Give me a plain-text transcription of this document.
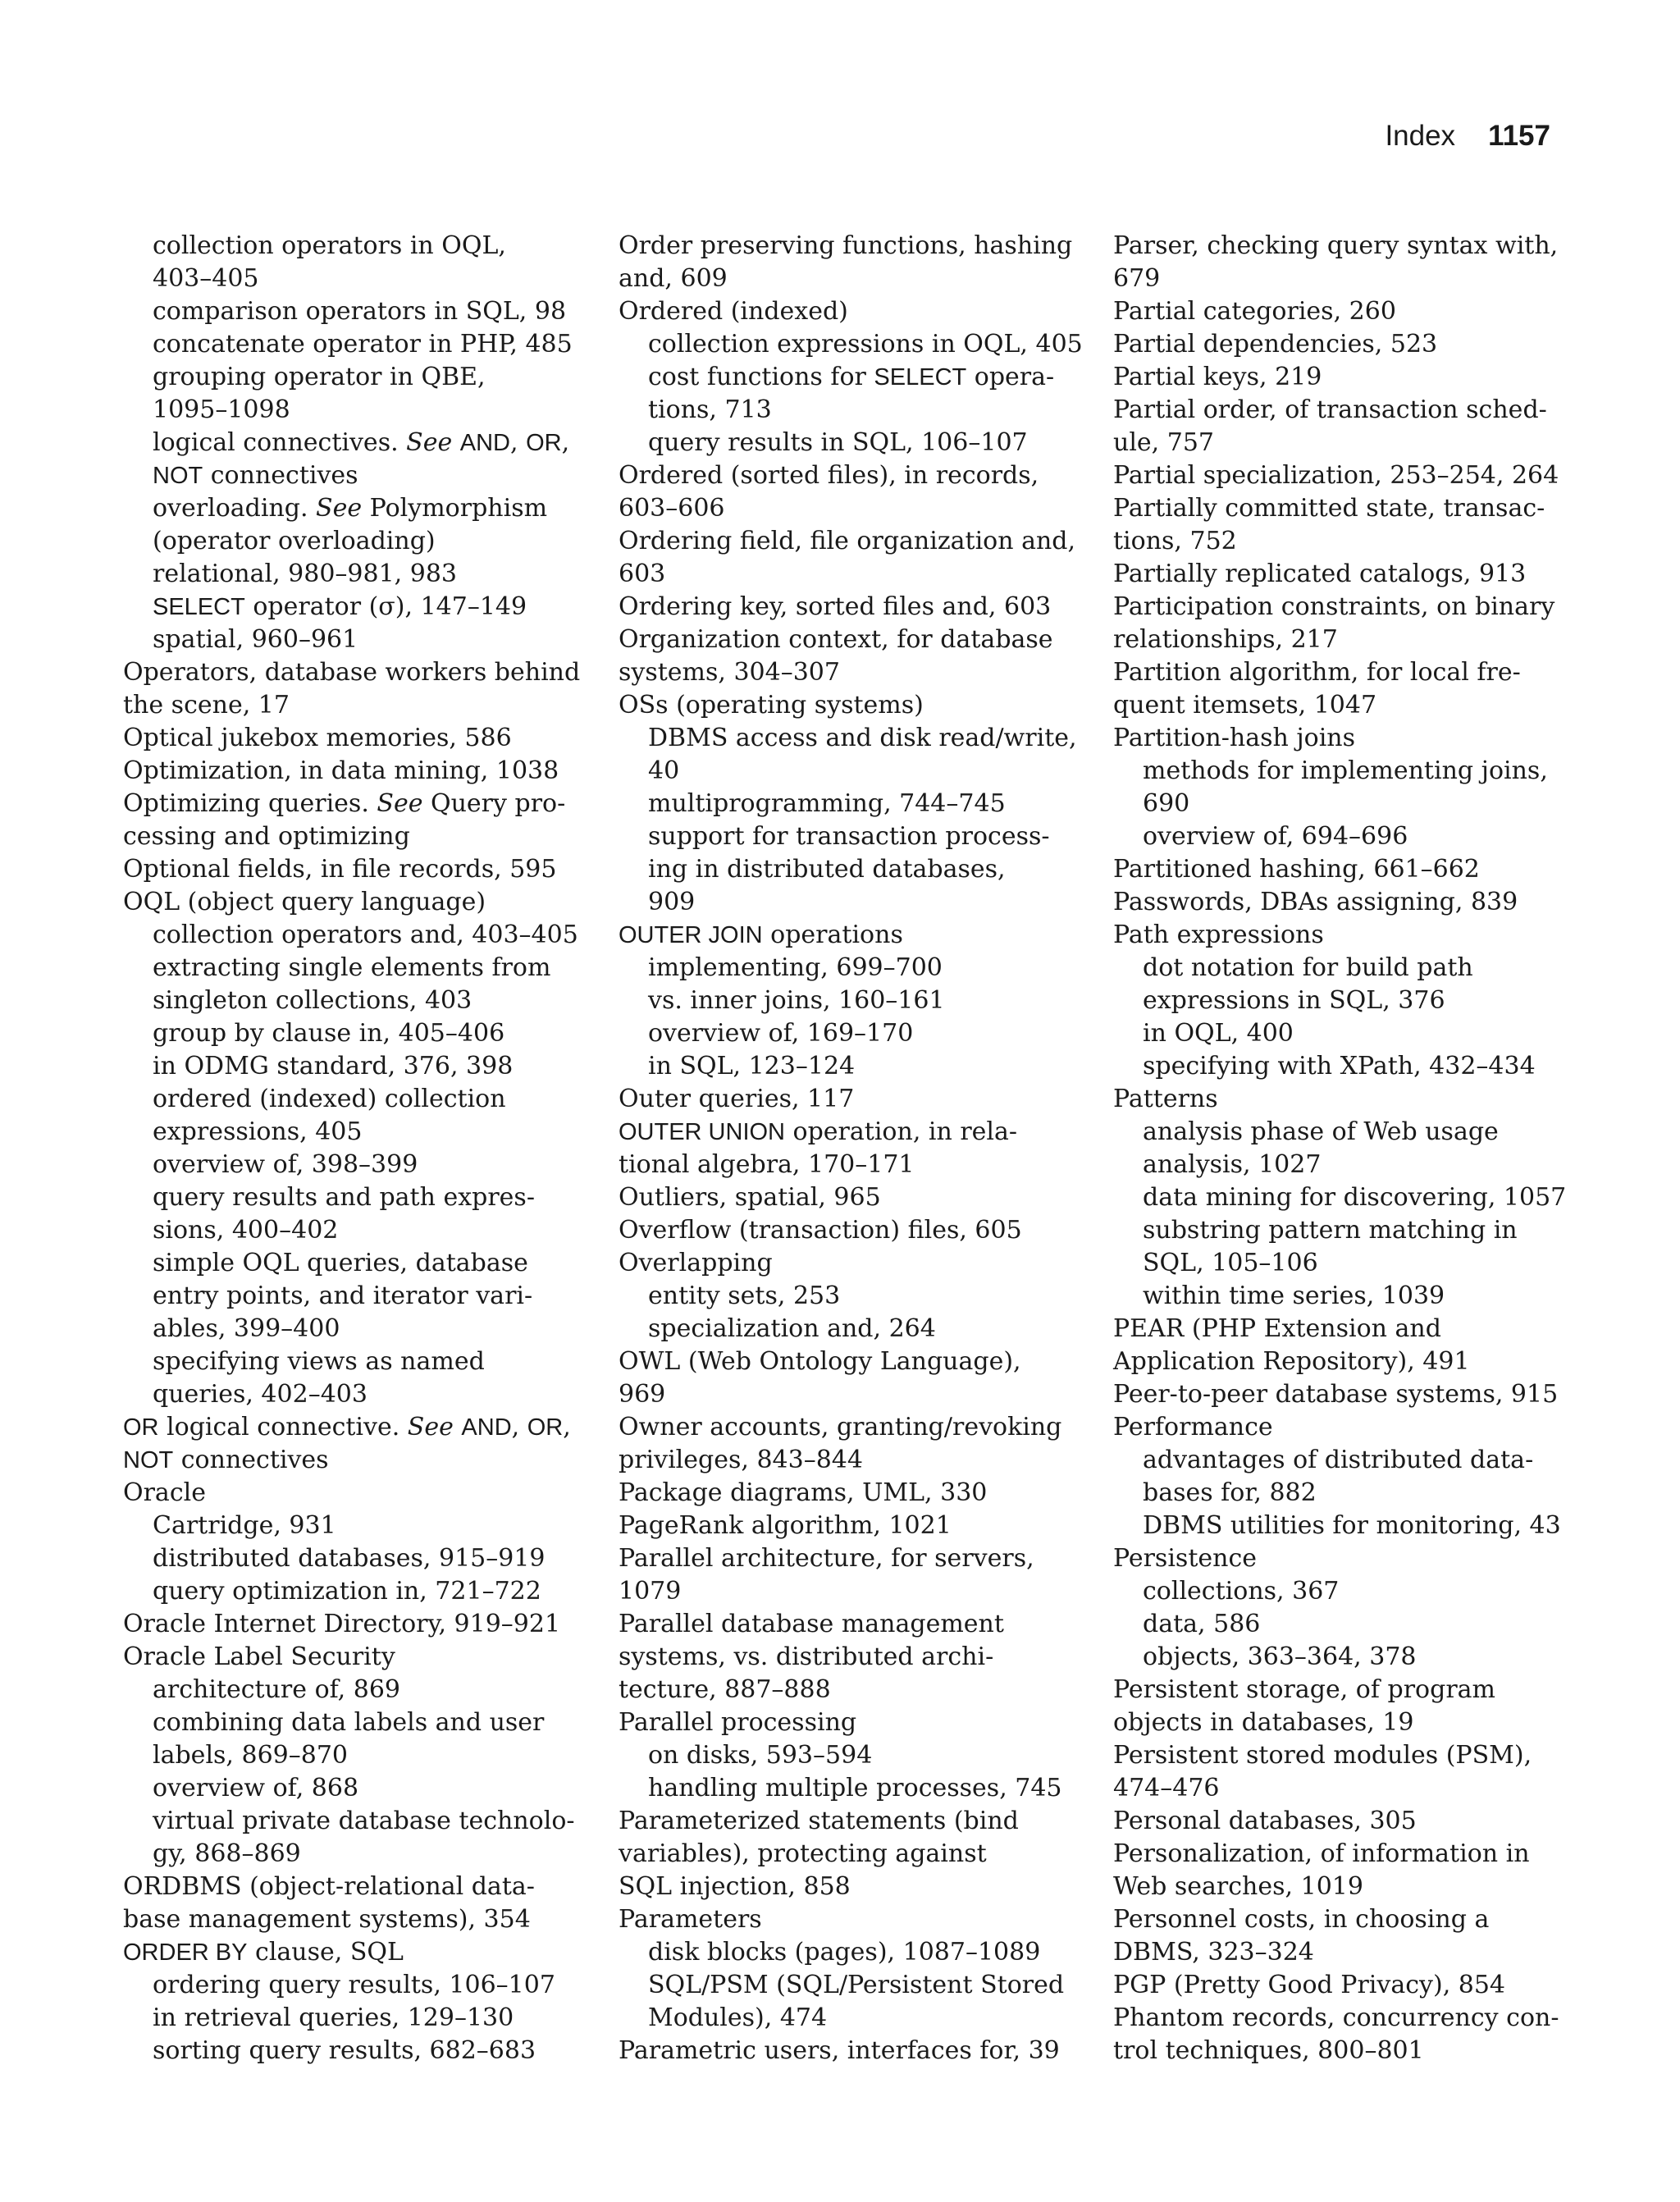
Index 1157
collection operators in OQL,
403–405
comparison operators in SQL, 98
concatenate operator in PHP, 485
grouping operator in QBE,
1095–1098
logical connectives. See AND, OR,
NOT connectives
overloading. See Polymorphism
(operator overloading)
relational, 980–981, 983
SELECT operator (σ), 147–149
spatial, 960–961
Operators, database workers behind
the scene, 17
Optical jukebox memories, 586
Optimization, in data mining, 1038
Optimizing queries. See Query pro-
cessing and optimizing
Optional fields, in file records, 595
OQL (object query language)
collection operators and, 403–405
extracting single elements from
singleton collections, 403
group by clause in, 405–406
in ODMG standard, 376, 398
ordered (indexed) collection
expressions, 405
overview of, 398–399
query results and path expres-
sions, 400–402
simple OQL queries, database
entry points, and iterator vari-
ables, 399–400
specifying views as named
queries, 402–403
OR logical connective. See AND, OR,
NOT connectives
Oracle
Cartridge, 931
distributed databases, 915–919
query optimization in, 721–722
Oracle Internet Directory, 919–921
Oracle Label Security
architecture of, 869
combining data labels and user
labels, 869–870
overview of, 868
virtual private database technolo-
gy, 868–869
ORDBMS (object-relational data-
base management systems), 354
ORDER BY clause, SQL
ordering query results, 106–107
in retrieval queries, 129–130
sorting query results, 682–683
Order preserving functions, hashing
and, 609
Ordered (indexed)
collection expressions in OQL, 405
cost functions for SELECT opera-
tions, 713
query results in SQL, 106–107
Ordered (sorted files), in records,
603–606
Ordering field, file organization and,
603
Ordering key, sorted files and, 603
Organization context, for database
systems, 304–307
OSs (operating systems)
DBMS access and disk read/write,
40
multiprogramming, 744–745
support for transaction process-
ing in distributed databases,
909
OUTER JOIN operations
implementing, 699–700
vs. inner joins, 160–161
overview of, 169–170
in SQL, 123–124
Outer queries, 117
OUTER UNION operation, in rela-
tional algebra, 170–171
Outliers, spatial, 965
Overflow (transaction) files, 605
Overlapping
entity sets, 253
specialization and, 264
OWL (Web Ontology Language),
969
Owner accounts, granting/revoking
privileges, 843–844
Package diagrams, UML, 330
PageRank algorithm, 1021
Parallel architecture, for servers,
1079
Parallel database management
systems, vs. distributed archi-
tecture, 887–888
Parallel processing
on disks, 593–594
handling multiple processes, 745
Parameterized statements (bind
variables), protecting against
SQL injection, 858
Parameters
disk blocks (pages), 1087–1089
SQL/PSM (SQL/Persistent Stored
Modules), 474
Parametric users, interfaces for, 39
Parser, checking query syntax with,
679
Partial categories, 260
Partial dependencies, 523
Partial keys, 219
Partial order, of transaction sched-
ule, 757
Partial specialization, 253–254, 264
Partially committed state, transac-
tions, 752
Partially replicated catalogs, 913
Participation constraints, on binary
relationships, 217
Partition algorithm, for local fre-
quent itemsets, 1047
Partition-hash joins
methods for implementing joins,
690
overview of, 694–696
Partitioned hashing, 661–662
Passwords, DBAs assigning, 839
Path expressions
dot notation for build path
expressions in SQL, 376
in OQL, 400
specifying with XPath, 432–434
Patterns
analysis phase of Web usage
analysis, 1027
data mining for discovering, 1057
substring pattern matching in
SQL, 105–106
within time series, 1039
PEAR (PHP Extension and
Application Repository), 491
Peer-to-peer database systems, 915
Performance
advantages of distributed data-
bases for, 882
DBMS utilities for monitoring, 43
Persistence
collections, 367
data, 586
objects, 363–364, 378
Persistent storage, of program
objects in databases, 19
Persistent stored modules (PSM),
474–476
Personal databases, 305
Personalization, of information in
Web searches, 1019
Personnel costs, in choosing a
DBMS, 323–324
PGP (Pretty Good Privacy), 854
Phantom records, concurrency con-
trol techniques, 800–801
